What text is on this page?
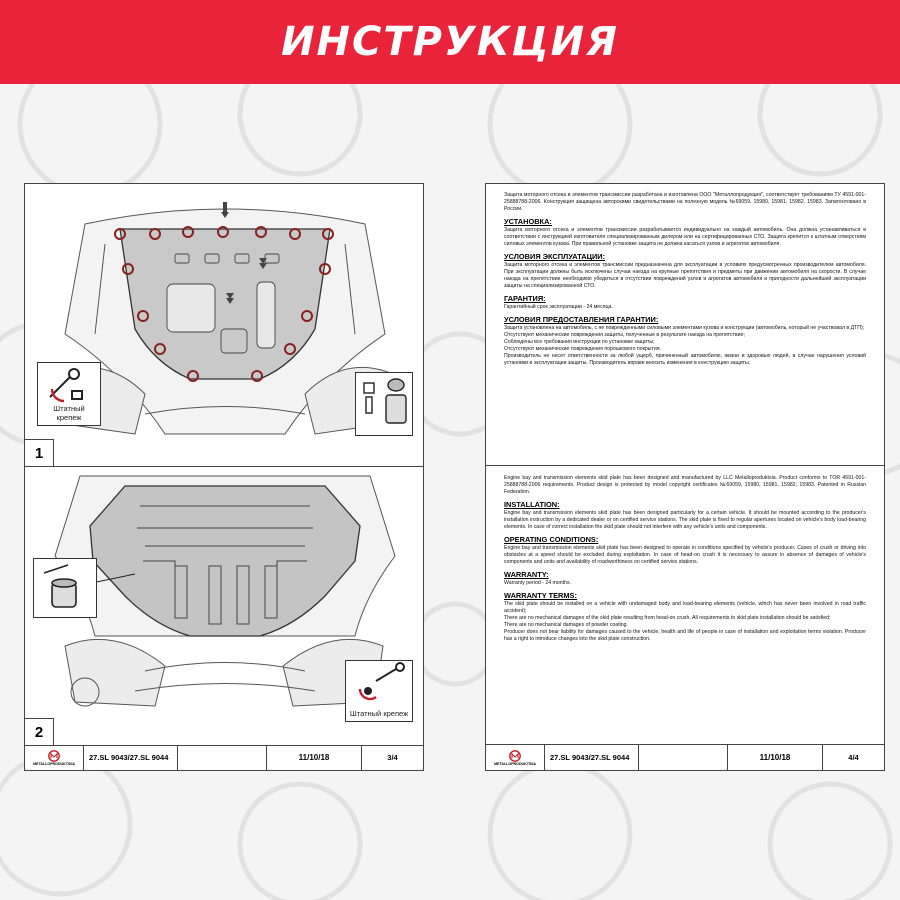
ИНСТРУКЦИЯ
Штатный крепеж
1
Штатный крепеж
2
METALLOPRODUKTSIIA
27.SL 9043/27.SL 9044	11/10/18	3/4

Защита моторного отсека и элементов трансмиссии разработана и изготовлена ООО "Металлопродукция", соответствует требованиям ТУ 4591-001-25888788-2006. Конструкция защищена авторскими свидетельствами на полезную модель №69059, 15980, 15981, 15982, 15983. Запатентовано в России.

УСТАНОВКА:

Защита моторного отсека и элементов трансмиссии разрабатывается индивидуально на каждый автомобиль. Она должна устанавливаться в соответствии с инструкцией изготовителя специализированным дилером или на сертифицированных СТО. Защита крепится к штатным отверстиям силовых элементов кузова. При правильной установке защита не должна касаться узлов и агрегатов автомобиля.

УСЛОВИЯ ЭКСПЛУАТАЦИИ:

Защита моторного отсека и элементов трансмиссии предназначена для эксплуатации в условиях предусмотренных производителем автомобиля. При эксплуатации должны быть исключены случаи наезда на крупные препятствия и предметы при движении автомобиля на скорости. В случае наезда на препятствие необходимо убедиться в отсутствии повреждений узлов и агрегатов автомобиля и пригодности дальнейшей эксплуатации защиты на специализированной СТО.

ГАРАНТИЯ:

Гарантийный срок эксплуатации - 24 месяца.

УСЛОВИЯ ПРЕДОСТАВЛЕНИЯ ГАРАНТИИ:

Защита установлена на автомобиль, с не поврежденными силовыми элементами кузова и конструкции (автомобиль, который не участвовал в ДТП);

Отсутствуют механические повреждения защиты, полученные в результате наезда на препятствие;

Соблюдены все требования инструкции по установке защиты;

Отсутствуют механические повреждения порошкового покрытия.

Производитель не несет ответственности за любой ущерб, причиненный автомобилю, жизни и здоровью людей, в случае нарушения условий установки и эксплуатации защиты. Производитель вправе вносить изменения в конструкцию защиты.

Engine bay and transmission elements skid plate has been designed and manufactured by LLC Metalloproduktsia. Product conforms to TOR 4591-001-25888788-2006 requirements. Product design is protected by model copyright certificates №69059, 15980, 15981, 15982, 15983. Patented in Russian Federation.

INSTALLATION:

Engine bay and transmission elements skid plate has been designed particularly for a certain vehicle. It should be mounted according to the producer's installation instruction by a dedicated dealer or on certified service stations. The skid plate is fixed to regular apertures located on vehicle's body load-bearing elements. In case of correct installation the skid plate should not interfere with any vehicle's units and components.

OPERATING CONDITIONS:

Engine bay and transmission elements skid plate has been designed to operate in conditions specified by vehicle's producer. Cases of crush or driving into obstacles at a speed should be excluded during exploitation. In case of head-on crush it is necessary to assure in absence of damages of vehicle's components and units and availability of roadworthiness on certified service stations.

WARRANTY:

Warranty period - 24 months.

WARRANTY TERMS:

The skid plate should be installed on a vehicle with undamaged body and load-bearing elements (vehicle, which has never been involved in road traffic accident);

There are no mechanical damages of the skid plate resulting from head-on crush. All requirements to skid plate installation should be satisfied;

There are no mechanical damages of powder coating.

Producer does not bear liability for damages caused to the vehicle, health and life of people in case of installation and exploitation terms violation. Producer has a right to introduce changes into the skid plate construction.

METALLOPRODUKTSIIA
27.SL 9043/27.SL 9044	11/10/18	4/4
